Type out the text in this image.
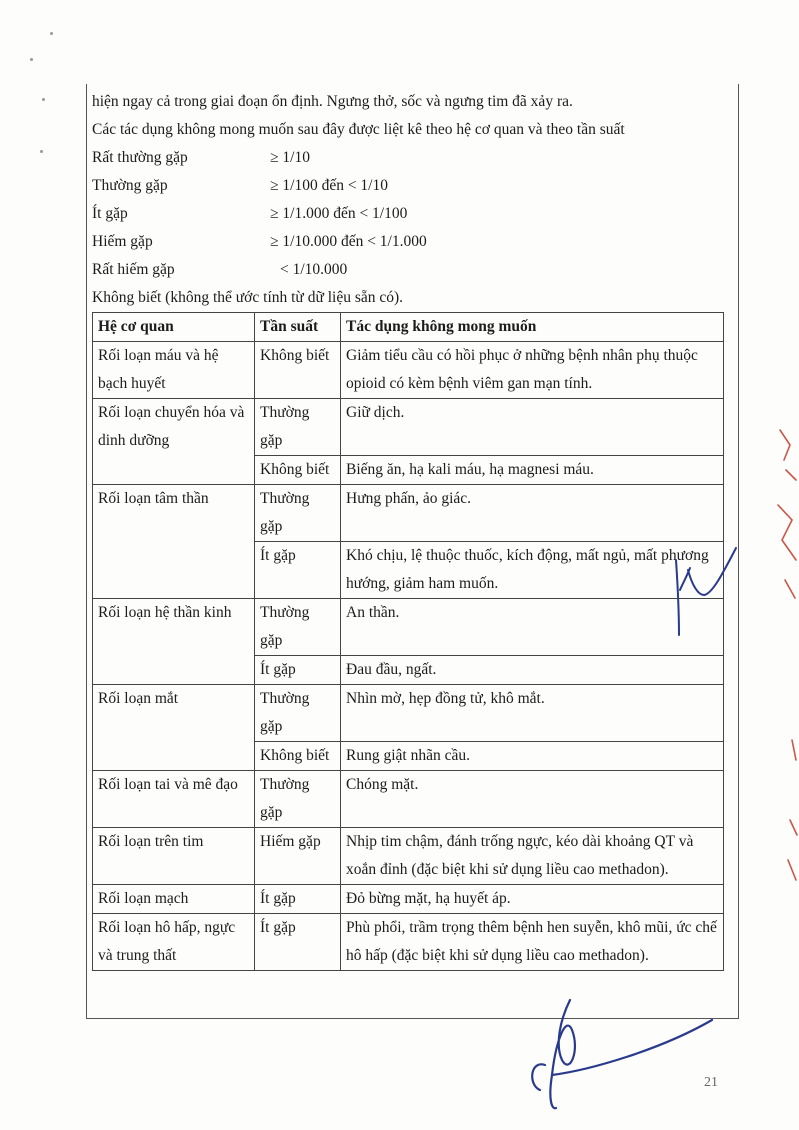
hiện ngay cả trong giai đoạn ổn định. Ngưng thở, sốc và ngưng tim đã xảy ra.

Các tác dụng không mong muốn sau đây được liệt kê theo hệ cơ quan và theo tần suất

Rất thường gặp	≥ 1/10
Thường gặp	≥ 1/100 đến < 1/10
Ít gặp	≥ 1/1.000 đến < 1/100
Hiếm gặp	≥ 1/10.000 đến < 1/1.000
Rất hiếm gặp	< 1/10.000

Không biết (không thể ước tính từ dữ liệu sẵn có).

Hệ cơ quan	Tần suất	Tác dụng không mong muốn
Rối loạn máu và hệ bạch huyết	Không biết	Giảm tiểu cầu có hồi phục ở những bệnh nhân phụ thuộc opioid có kèm bệnh viêm gan mạn tính.
Rối loạn chuyển hóa và dinh dưỡng	Thường gặp	Giữ dịch.
	Không biết	Biếng ăn, hạ kali máu, hạ magnesi máu.
Rối loạn tâm thần	Thường gặp	Hưng phấn, ảo giác.
	Ít gặp	Khó chịu, lệ thuộc thuốc, kích động, mất ngủ, mất phương hướng, giảm ham muốn.
Rối loạn hệ thần kinh	Thường gặp	An thần.
	Ít gặp	Đau đầu, ngất.
Rối loạn mắt	Thường gặp	Nhìn mờ, hẹp đồng tử, khô mắt.
	Không biết	Rung giật nhãn cầu.
Rối loạn tai và mê đạo	Thường gặp	Chóng mặt.
Rối loạn trên tim	Hiếm gặp	Nhịp tim chậm, đánh trống ngực, kéo dài khoảng QT và xoắn đỉnh (đặc biệt khi sử dụng liều cao methadon).
Rối loạn mạch	Ít gặp	Đỏ bừng mặt, hạ huyết áp.
Rối loạn hô hấp, ngực và trung thất	Ít gặp	Phù phổi, trầm trọng thêm bệnh hen suyễn, khô mũi, ức chế hô hấp (đặc biệt khi sử dụng liều cao methadon).
21
